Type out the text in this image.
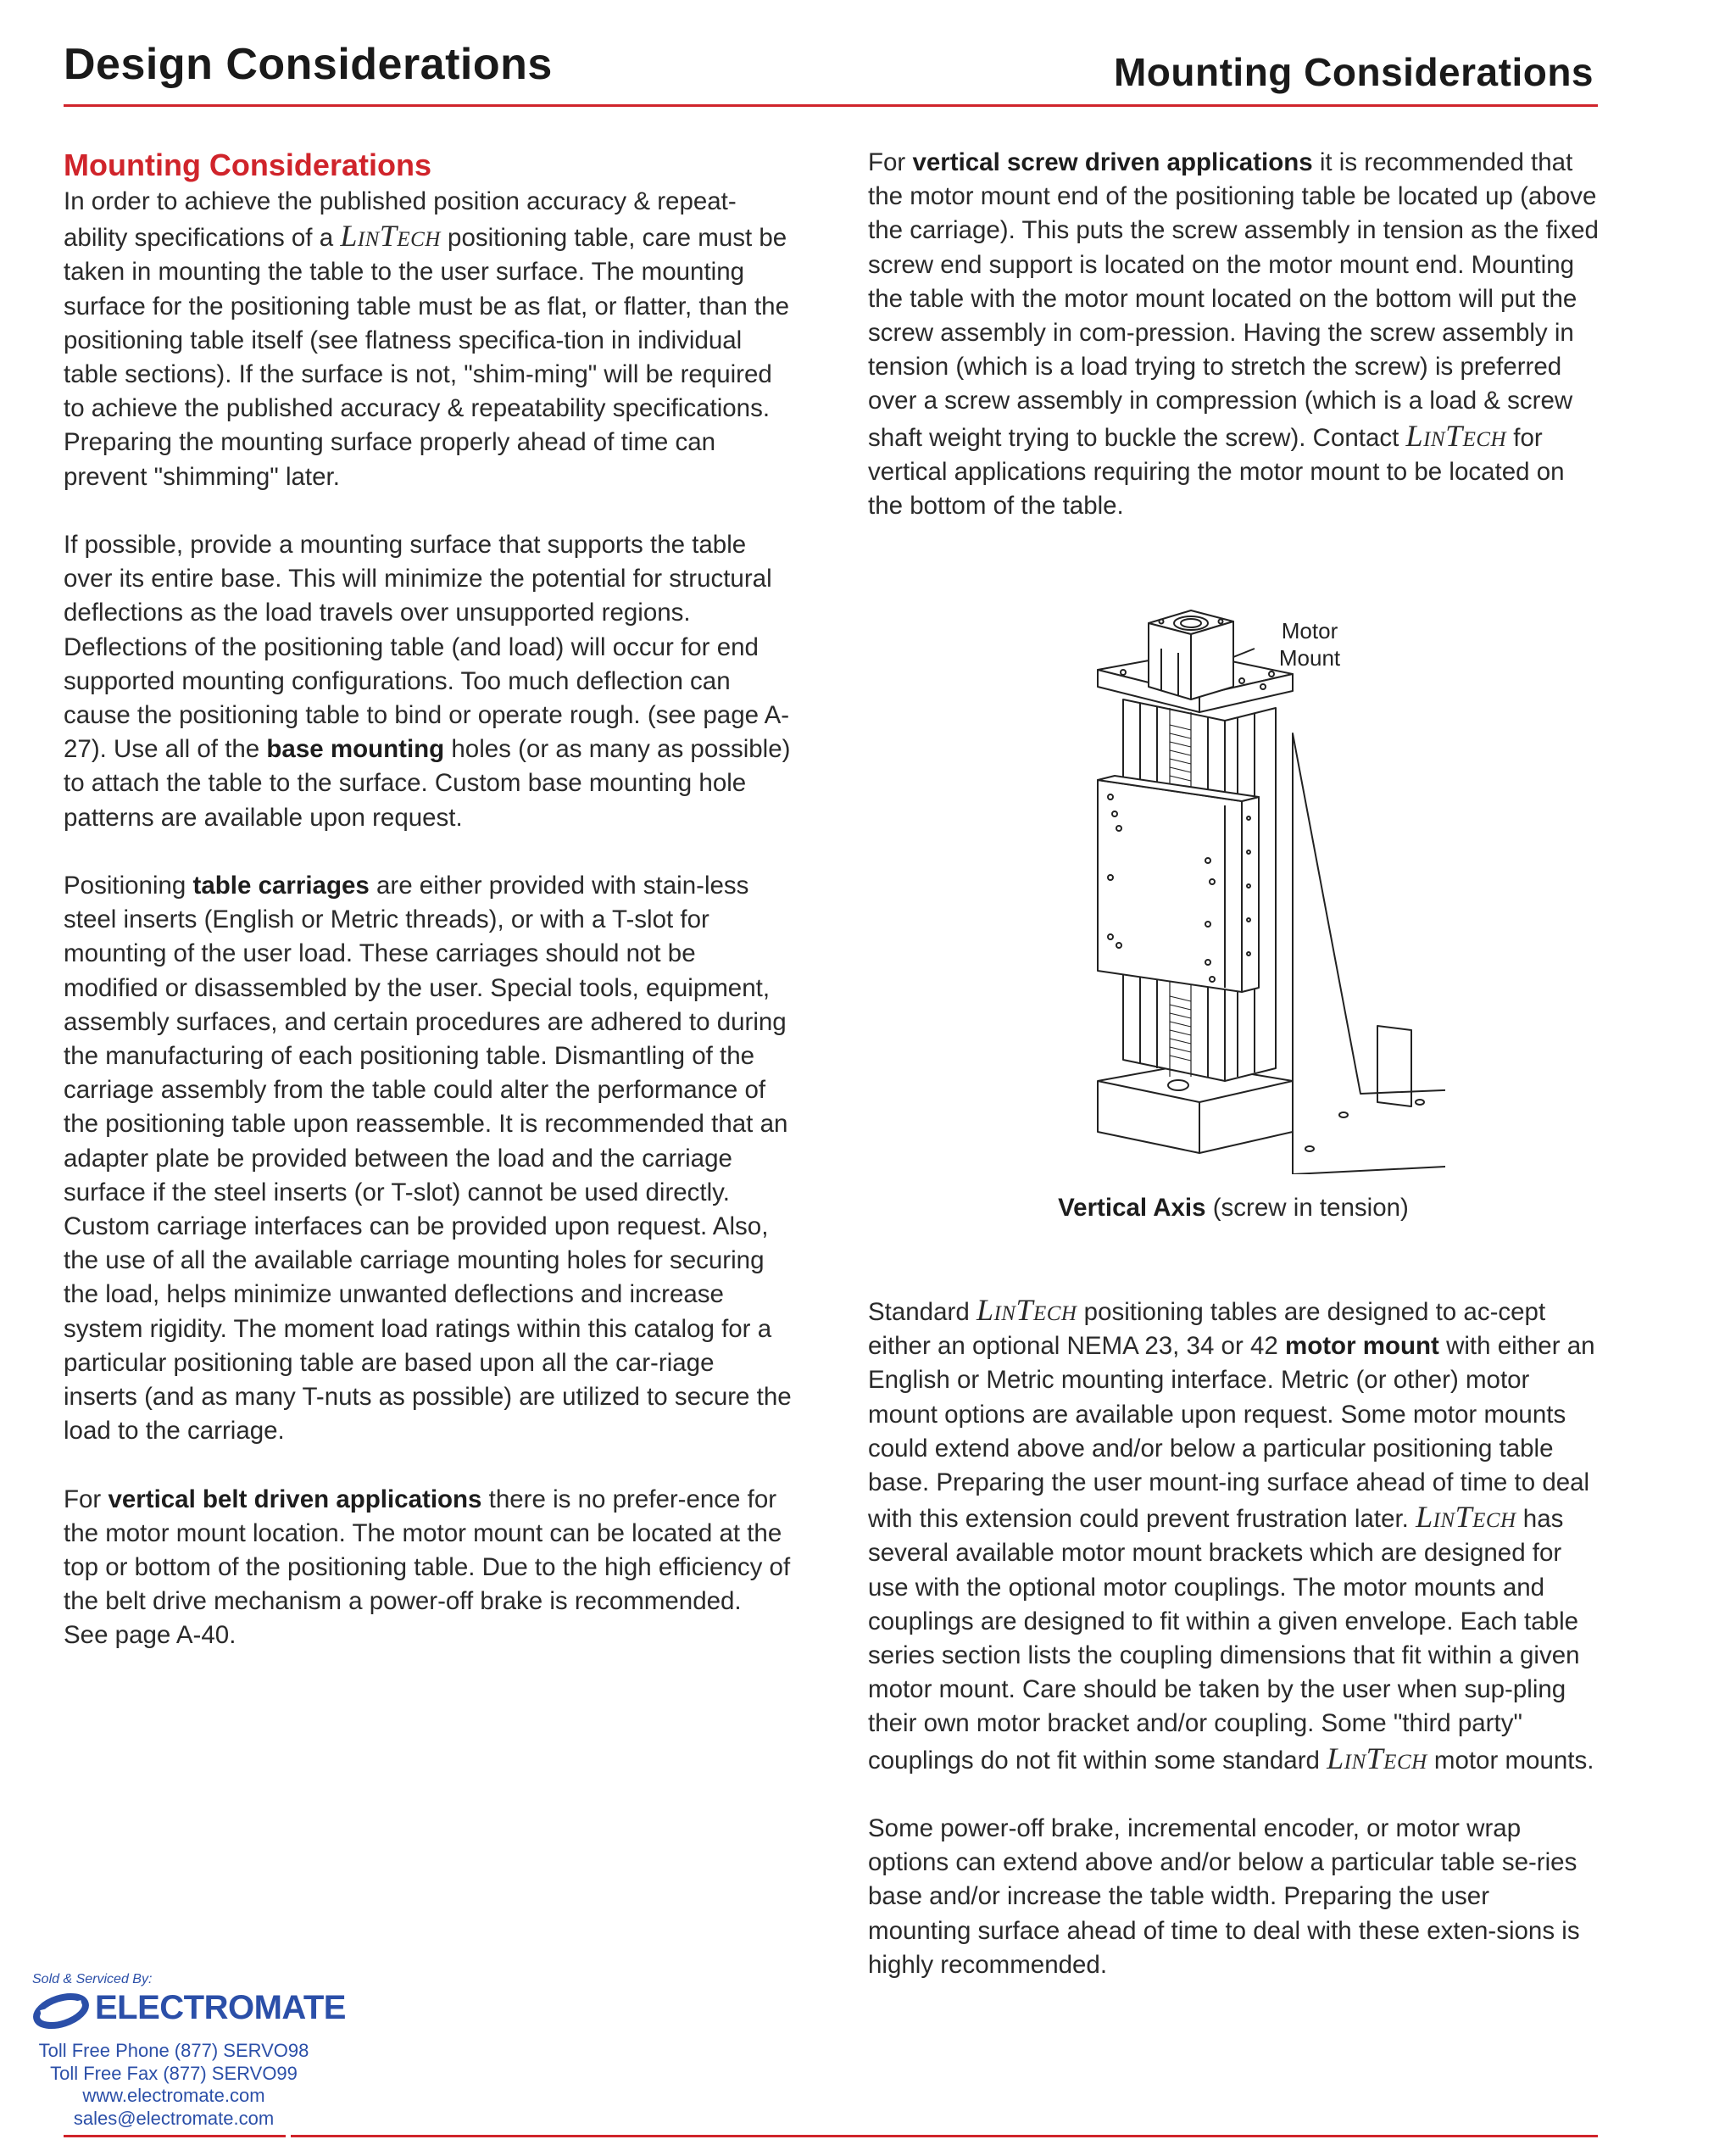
Design Considerations	Mounting Considerations
Mounting Considerations

In order to achieve the published position accuracy & repeat-ability specifications of a LinTech positioning table, care must be taken in mounting the table to the user surface. The mounting surface for the positioning table must be as flat, or flatter, than the positioning table itself (see flatness specifica-tion in individual table sections). If the surface is not, "shim-ming" will be required to achieve the published accuracy & repeatability specifications. Preparing the mounting surface properly ahead of time can prevent "shimming" later.

If possible, provide a mounting surface that supports the table over its entire base. This will minimize the potential for structural deflections as the load travels over unsupported regions. Deflections of the positioning table (and load) will occur for end supported mounting configurations. Too much deflection can cause the positioning table to bind or operate rough. (see page A-27). Use all of the base mounting holes (or as many as possible) to attach the table to the surface. Custom base mounting hole patterns are available upon request.

Positioning table carriages are either provided with stain-less steel inserts (English or Metric threads), or with a T-slot for mounting of the user load. These carriages should not be modified or disassembled by the user. Special tools, equipment, assembly surfaces, and certain procedures are adhered to during the manufacturing of each positioning table. Dismantling of the carriage assembly from the table could alter the performance of the positioning table upon reassemble. It is recommended that an adapter plate be provided between the load and the carriage surface if the steel inserts (or T-slot) cannot be used directly. Custom carriage interfaces can be provided upon request. Also, the use of all the available carriage mounting holes for securing the load, helps minimize unwanted deflections and increase system rigidity. The moment load ratings within this catalog for a particular positioning table are based upon all the car-riage inserts (and as many T-nuts as possible) are utilized to secure the load to the carriage.

For vertical belt driven applications there is no prefer-ence for the motor mount location. The motor mount can be located at the top or bottom of the positioning table. Due to the high efficiency of the belt drive mechanism a power-off brake is recommended. See page A-40.

For vertical screw driven applications it is recommended that the motor mount end of the positioning table be located up (above the carriage). This puts the screw assembly in tension as the fixed screw end support is located on the motor mount end. Mounting the table with the motor mount located on the bottom will put the screw assembly in com-pression. Having the screw assembly in tension (which is a load trying to stretch the screw) is preferred over a screw assembly in compression (which is a load & screw shaft weight trying to buckle the screw). Contact LinTech for vertical applications requiring the motor mount to be located on the bottom of the table.

Motor
Mount
Vertical Axis (screw in tension)

Standard LinTech positioning tables are designed to ac-cept either an optional NEMA 23, 34 or 42 motor mount with either an English or Metric mounting interface. Metric (or other) motor mount options are available upon request. Some motor mounts could extend above and/or below a particular positioning table base. Preparing the user mount-ing surface ahead of time to deal with this extension could prevent frustration later. LinTech has several available motor mount brackets which are designed for use with the optional motor couplings. The motor mounts and couplings are designed to fit within a given envelope. Each table series section lists the coupling dimensions that fit within a given motor mount. Care should be taken by the user when sup-pling their own motor bracket and/or coupling. Some "third party" couplings do not fit within some standard LinTech motor mounts.

Some power-off brake, incremental encoder, or motor wrap options can extend above and/or below a particular table se-ries base and/or increase the table width. Preparing the user mounting surface ahead of time to deal with these exten-sions is highly recommended.

Sold & Serviced By:
ELECTROMATE
Toll Free Phone (877) SERVO98
Toll Free Fax (877) SERVO99
www.electromate.com
sales@electromate.com
